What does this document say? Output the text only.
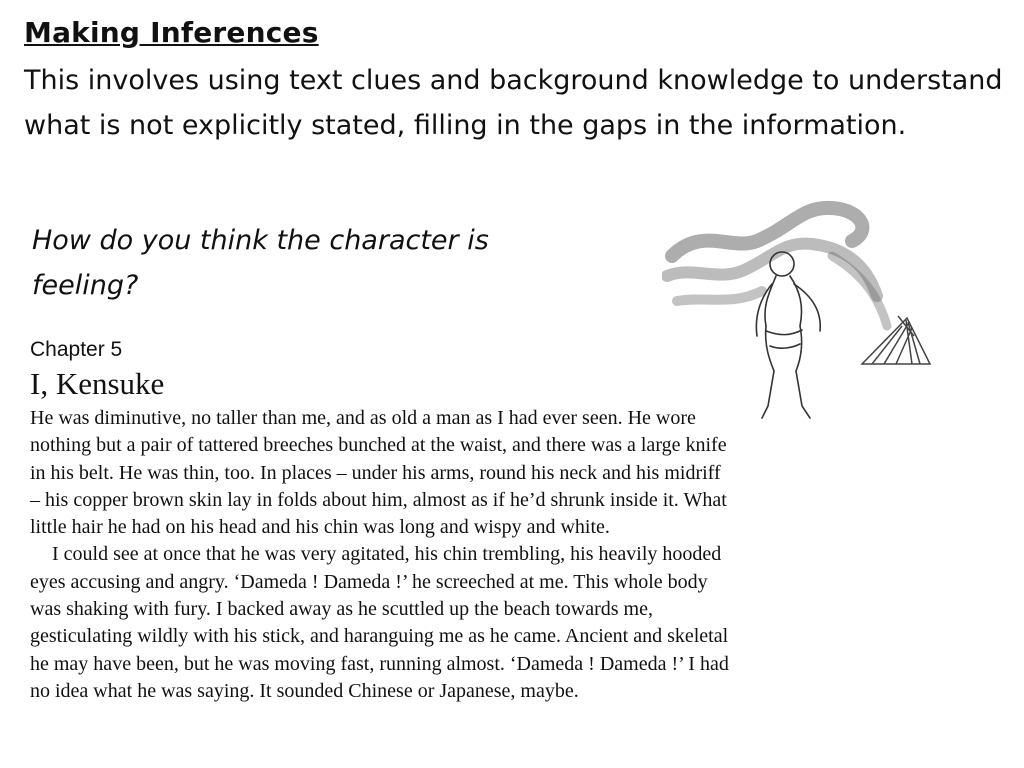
Making Inferences
This involves using text clues and background knowledge to understand what is not explicitly stated, filling in the gaps in the information.
How do you think the character is feeling?
Chapter 5
I, Kensuke

He was diminutive, no taller than me, and as old a man as I had ever seen. He wore nothing but a pair of tattered breeches bunched at the waist, and there was a large knife in his belt. He was thin, too. In places – under his arms, round his neck and his midriff – his copper brown skin lay in folds about him, almost as if he’d shrunk inside it. What little hair he had on his head and his chin was long and wispy and white.

I could see at once that he was very agitated, his chin trembling, his heavily hooded eyes accusing and angry. ‘Dameda ! Dameda !’ he screeched at me. This whole body was shaking with fury. I backed away as he scuttled up the beach towards me, gesticulating wildly with his stick, and haranguing me as he came. Ancient and skeletal he may have been, but he was moving fast, running almost. ‘Dameda ! Dameda !’ I had no idea what he was saying. It sounded Chinese or Japanese, maybe.
